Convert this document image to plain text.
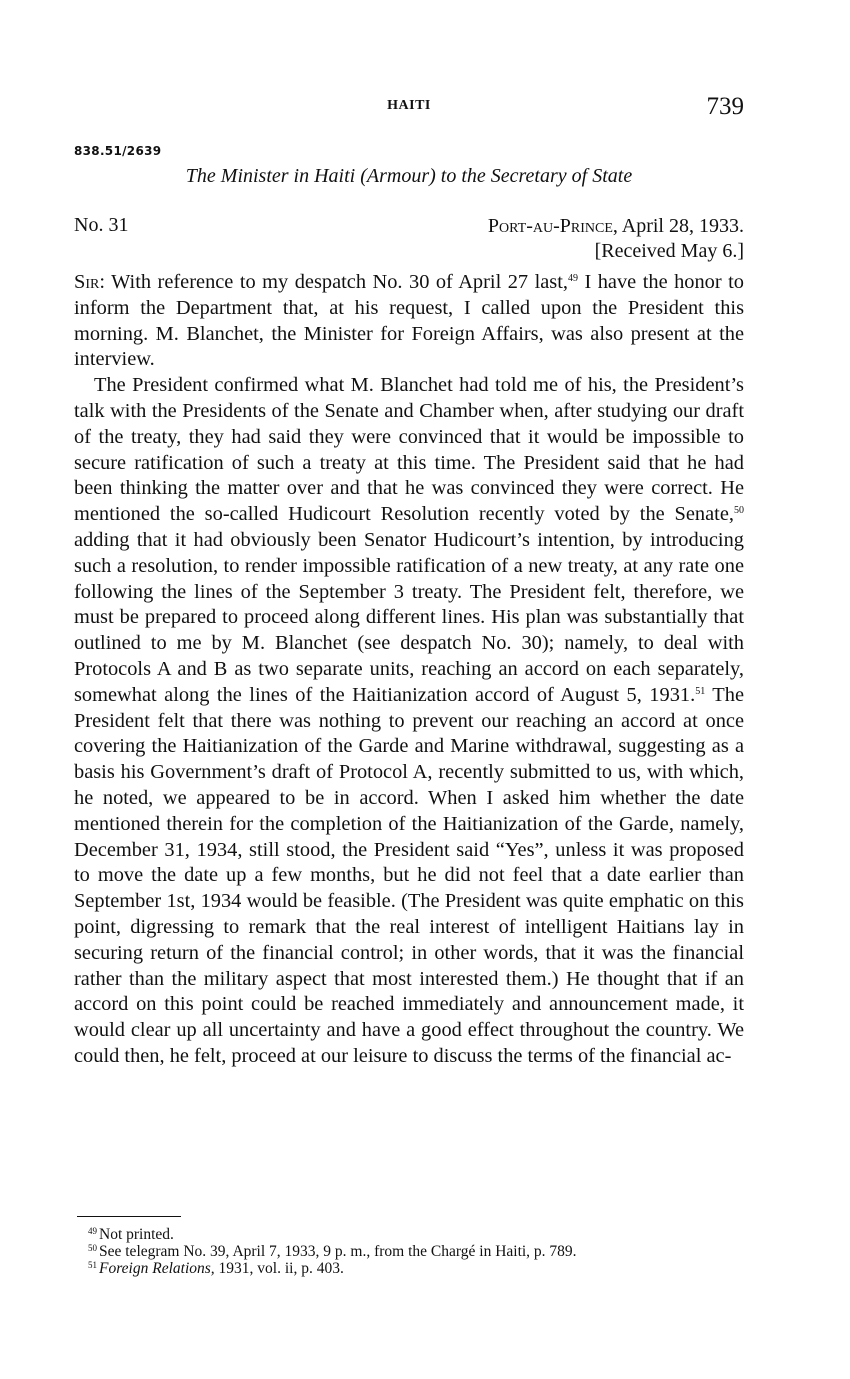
HAITI	739
838.51/2639
The Minister in Haiti (Armour) to the Secretary of State
No. 31	Port-au-Prince, April 28, 1933.
[Received May 6.]

Sir: With reference to my despatch No. 30 of April 27 last,$^{49}$ I have the honor to inform the Department that, at his request, I called upon the President this morning. M. Blanchet, the Minister for Foreign Affairs, was also present at the interview.

The President confirmed what M. Blanchet had told me of his, the President’s talk with the Presidents of the Senate and Chamber when, after studying our draft of the treaty, they had said they were convinced that it would be impossible to secure ratification of such a treaty at this time. The President said that he had been thinking the matter over and that he was convinced they were correct. He mentioned the so-called Hudicourt Resolution recently voted by the Senate,$^{50}$ adding that it had obviously been Senator Hudicourt’s intention, by introducing such a resolution, to render impossible ratification of a new treaty, at any rate one following the lines of the September 3 treaty. The President felt, therefore, we must be prepared to proceed along different lines. His plan was substantially that outlined to me by M. Blanchet (see despatch No. 30); namely, to deal with Protocols A and B as two separate units, reaching an accord on each separately, somewhat along the lines of the Haitianization accord of August 5, 1931.51 The President felt that there was nothing to prevent our reaching an accord at once covering the Haitianization of the Garde and Marine withdrawal, suggesting as a basis his Government’s draft of Protocol A, recently submitted to us, with which, he noted, we appeared to be in accord. When I asked him whether the date mentioned therein for the completion of the Haitianization of the Garde, namely, December 31, 1934, still stood, the President said “Yes”, unless it was proposed to move the date up a few months, but he did not feel that a date earlier than September 1st, 1934 would be feasible. (The President was quite emphatic on this point, digressing to remark that the real interest of intelligent Haitians lay in securing return of the financial control; in other words, that it was the financial rather than the military aspect that most interested them.) He thought that if an accord on this point could be reached immediately and announcement made, it would clear up all uncertainty and have a good effect throughout the country. We could then, he felt, proceed at our leisure to discuss the terms of the financial ac-

$^{49}$ Not printed.
$^{50}$ See telegram No. 39, April 7, 1933, 9 p. m., from the Chargé in Haiti, p. 789.
$^{51}$ Foreign Relations, 1931, vol. ii, p. 403.
